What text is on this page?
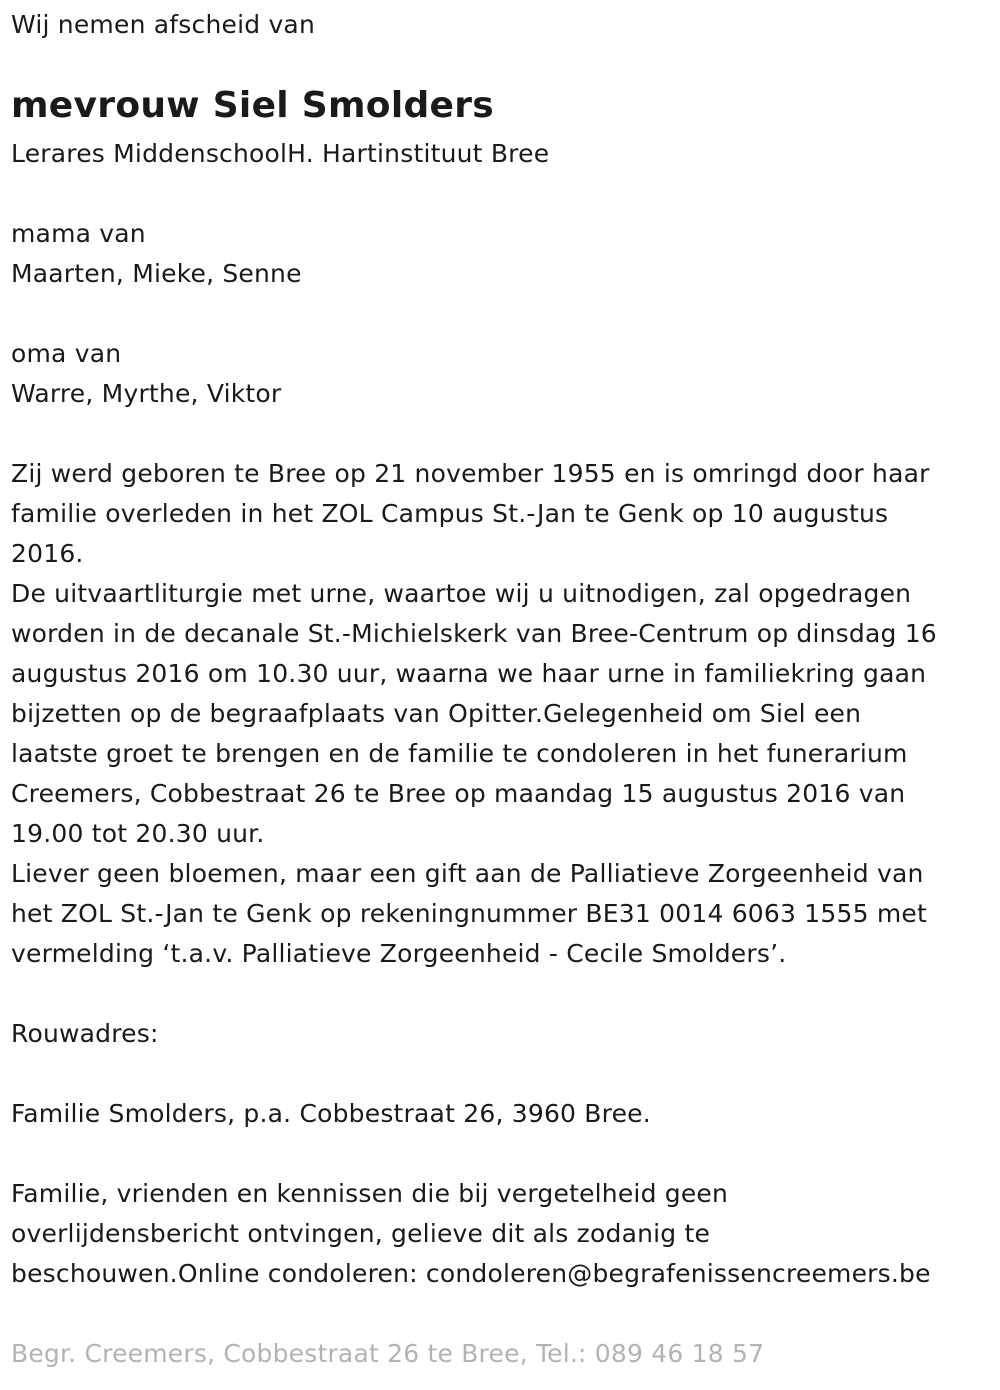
Wij nemen afscheid van
mevrouw Siel Smolders
Lerares MiddenschoolH. Hartinstituut Bree
mama van
Maarten, Mieke, Senne
oma van
Warre, Myrthe, Viktor
Zij werd geboren te Bree op 21 november 1955 en is omringd door haar
familie overleden in het ZOL Campus St.-Jan te Genk op 10 augustus
2016.
De uitvaartliturgie met urne, waartoe wij u uitnodigen, zal opgedragen
worden in de decanale St.-Michielskerk van Bree-Centrum op dinsdag 16
augustus 2016 om 10.30 uur, waarna we haar urne in familiekring gaan
bijzetten op de begraafplaats van Opitter.Gelegenheid om Siel een
laatste groet te brengen en de familie te condoleren in het funerarium
Creemers, Cobbestraat 26 te Bree op maandag 15 augustus 2016 van
19.00 tot 20.30 uur.
Liever geen bloemen, maar een gift aan de Palliatieve Zorgeenheid van
het ZOL St.-Jan te Genk op rekeningnummer BE31 0014 6063 1555 met
vermelding ‘t.a.v. Palliatieve Zorgeenheid - Cecile Smolders’.
Rouwadres:
Familie Smolders, p.a. Cobbestraat 26, 3960 Bree.
Familie, vrienden en kennissen die bij vergetelheid geen
overlijdensbericht ontvingen, gelieve dit als zodanig te
beschouwen.Online condoleren: condoleren@begrafenissencreemers.be
Begr. Creemers, Cobbestraat 26 te Bree, Tel.: 089 46 18 57
